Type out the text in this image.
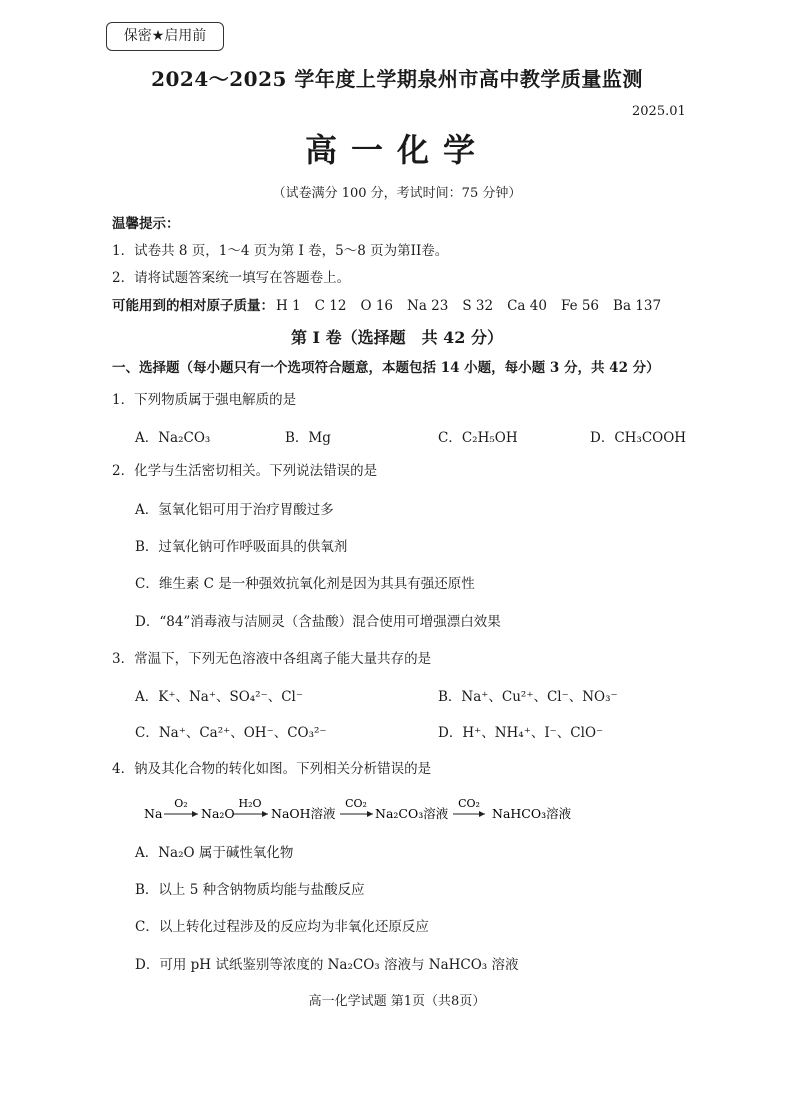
保密★启用前
2024～2025 学年度上学期泉州市高中教学质量监测
2025.01
高一化学
（试卷满分 100 分，考试时间：75 分钟）
温馨提示：
1．试卷共 8 页，1～4 页为第 I 卷，5～8 页为第II卷。
2．请将试题答案统一填写在答题卷上。
可能用到的相对原子质量： H 1 C 12 O 16 Na 23 S 32 Ca 40 Fe 56 Ba 137
第 I 卷（选择题　共 42 分）
一、选择题（每小题只有一个选项符合题意，本题包括 14 小题，每小题 3 分，共 42 分）
1．下列物质属于强电解质的是
A．Na₂CO₃	B．Mg	C．C₂H₅OH	D．CH₃COOH
2．化学与生活密切相关。下列说法错误的是
A．氢氧化铝可用于治疗胃酸过多
B．过氧化钠可作呼吸面具的供氧剂
C．维生素 C 是一种强效抗氧化剂是因为其具有强还原性
D．“84”消毒液与洁厕灵（含盐酸）混合使用可增强漂白效果
3．常温下，下列无色溶液中各组离子能大量共存的是
A．K⁺、Na⁺、SO₄²⁻、Cl⁻	B．Na⁺、Cu²⁺、Cl⁻、NO₃⁻
C．Na⁺、Ca²⁺、OH⁻、CO₃²⁻	D．H⁺、NH₄⁺、I⁻、ClO⁻
4．钠及其化合物的转化如图。下列相关分析错误的是
Na
O₂
Na₂O
H₂O
NaOH溶液
CO₂
Na₂CO₃溶液
CO₂
NaHCO₃溶液
A．Na₂O 属于碱性氧化物
B．以上 5 种含钠物质均能与盐酸反应
C．以上转化过程涉及的反应均为非氧化还原反应
D．可用 pH 试纸鉴别等浓度的 Na₂CO₃ 溶液与 NaHCO₃ 溶液
高一化学试题 第1页（共8页）
